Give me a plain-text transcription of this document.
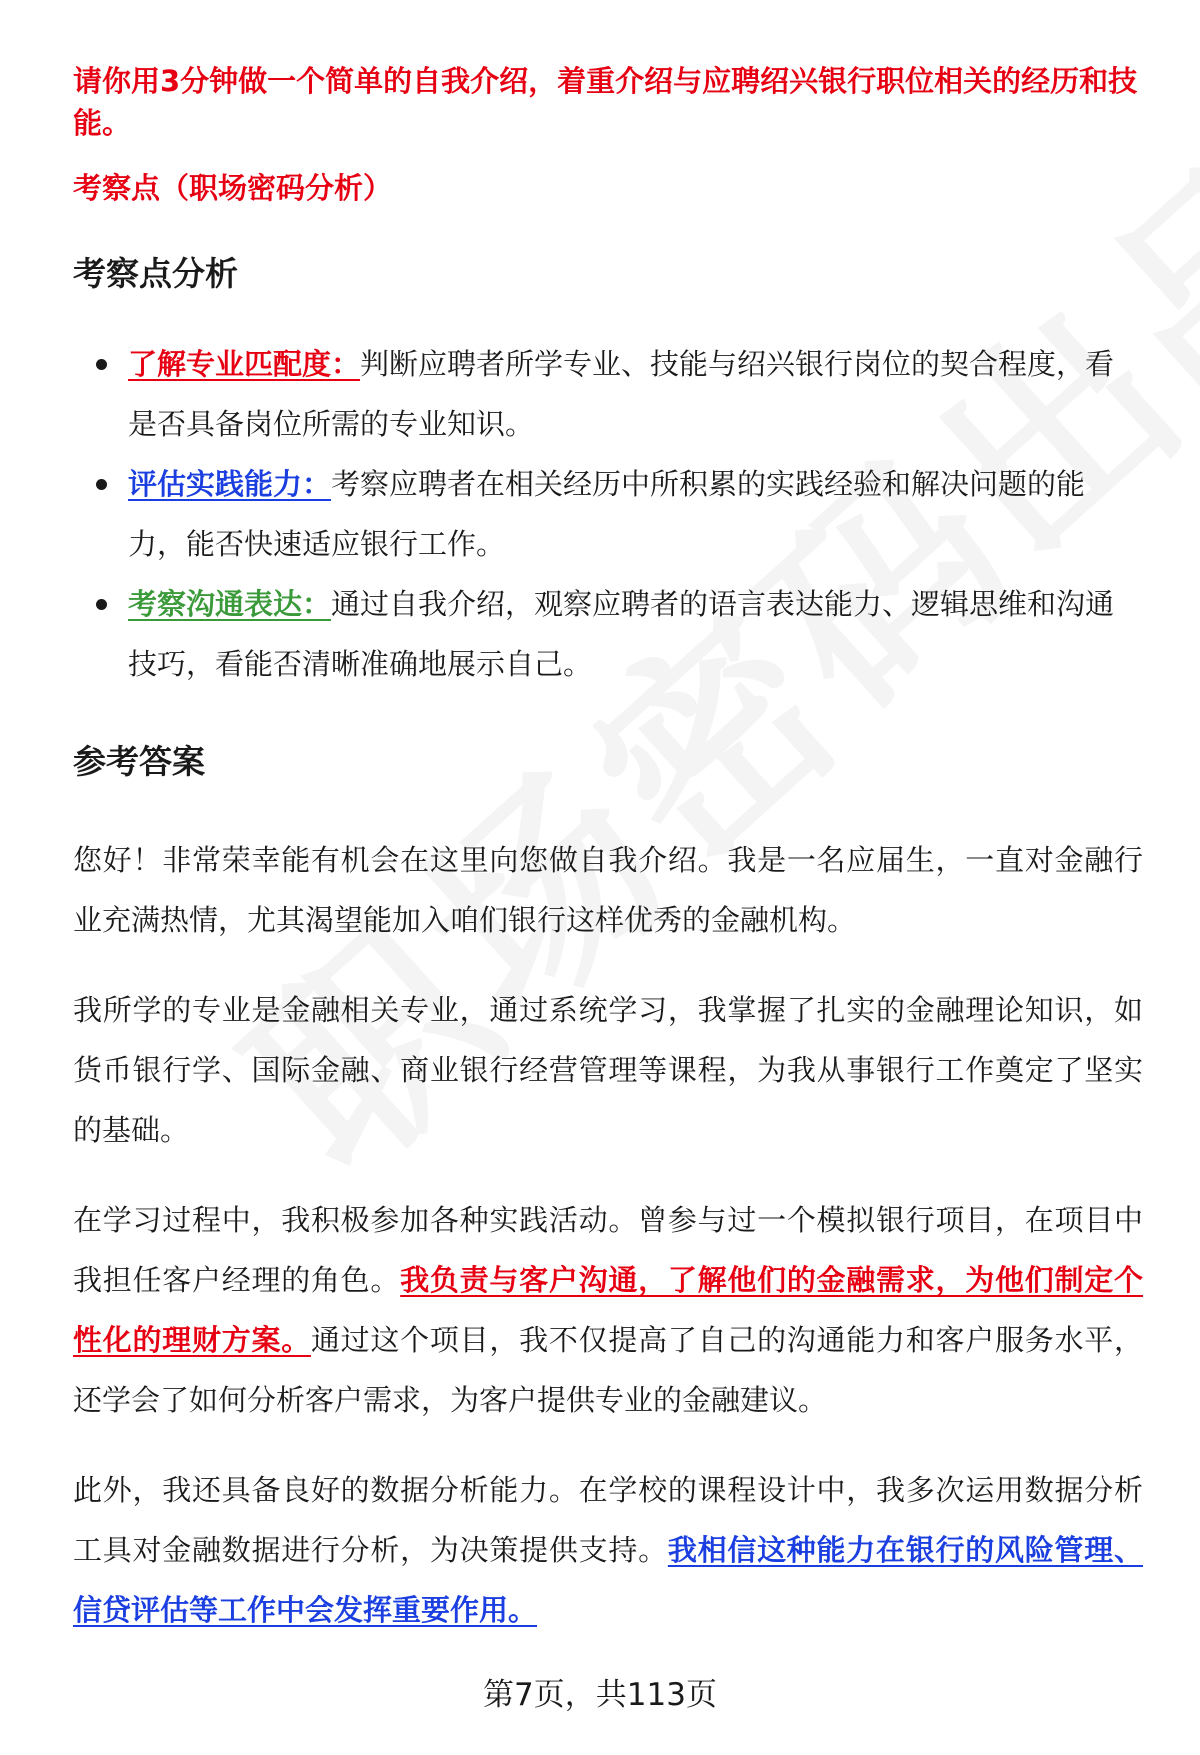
请你用3分钟做一个简单的自我介绍，着重介绍与应聘绍兴银行职位相关的经历和技能。

考察点（职场密码分析）

考察点分析
了解专业匹配度：判断应聘者所学专业、技能与绍兴银行岗位的契合程度，看是否具备岗位所需的专业知识。
评估实践能力：考察应聘者在相关经历中所积累的实践经验和解决问题的能力，能否快速适应银行工作。
考察沟通表达：通过自我介绍，观察应聘者的语言表达能力、逻辑思维和沟通技巧，看能否清晰准确地展示自己。
参考答案

您好！非常荣幸能有机会在这里向您做自我介绍。我是一名应届生，一直对金融行业充满热情，尤其渴望能加入咱们银行这样优秀的金融机构。

我所学的专业是金融相关专业，通过系统学习，我掌握了扎实的金融理论知识，如货币银行学、国际金融、商业银行经营管理等课程，为我从事银行工作奠定了坚实的基础。

在学习过程中，我积极参加各种实践活动。曾参与过一个模拟银行项目，在项目中我担任客户经理的角色。我负责与客户沟通，了解他们的金融需求，为他们制定个性化的理财方案。通过这个项目，我不仅提高了自己的沟通能力和客户服务水平，还学会了如何分析客户需求，为客户提供专业的金融建议。

此外，我还具备良好的数据分析能力。在学校的课程设计中，我多次运用数据分析工具对金融数据进行分析，为决策提供支持。我相信这种能力在银行的风险管理、信贷评估等工作中会发挥重要作用。

第7页，共113页
